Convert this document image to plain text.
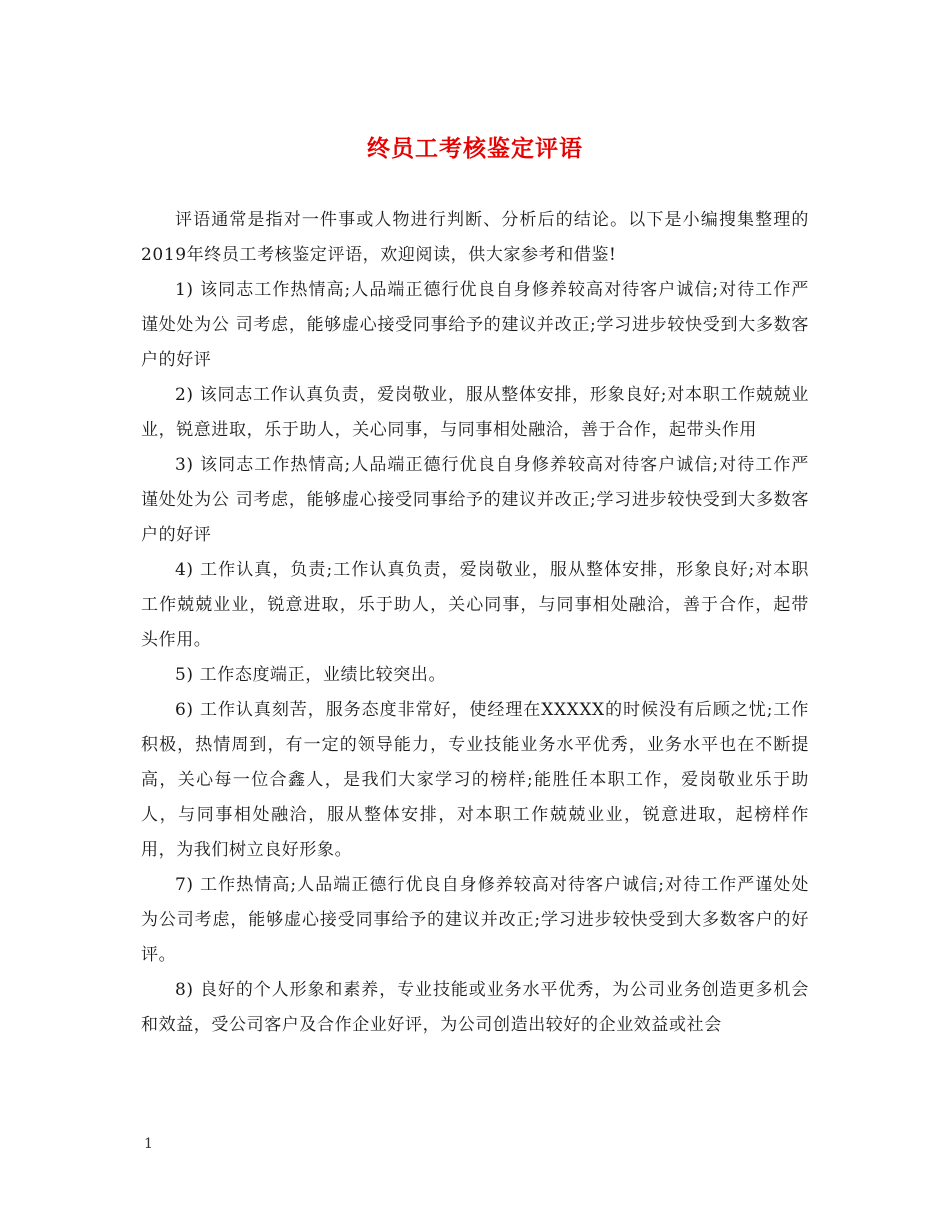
终员工考核鉴定评语

评语通常是指对一件事或人物进行判断、分析后的结论。以下是小编搜集整理的2019年终员工考核鉴定评语，欢迎阅读，供大家参考和借鉴!

1) 该同志工作热情高;人品端正德行优良自身修养较高对待客户诚信;对待工作严谨处处为公 司考虑，能够虚心接受同事给予的建议并改正;学习进步较快受到大多数客户的好评

2) 该同志工作认真负责，爱岗敬业，服从整体安排，形象良好;对本职工作兢兢业业，锐意进取，乐于助人，关心同事，与同事相处融洽，善于合作，起带头作用

3) 该同志工作热情高;人品端正德行优良自身修养较高对待客户诚信;对待工作严谨处处为公 司考虑，能够虚心接受同事给予的建议并改正;学习进步较快受到大多数客户的好评

4) 工作认真，负责;工作认真负责，爱岗敬业，服从整体安排，形象良好;对本职工作兢兢业业，锐意进取，乐于助人，关心同事，与同事相处融洽，善于合作，起带头作用。

5) 工作态度端正，业绩比较突出。

6) 工作认真刻苦，服务态度非常好，使经理在XXXXX的时候没有后顾之忧;工作积极，热情周到，有一定的领导能力，专业技能业务水平优秀，业务水平也在不断提高，关心每一位合鑫人，是我们大家学习的榜样;能胜任本职工作，爱岗敬业乐于助人，与同事相处融洽，服从整体安排，对本职工作兢兢业业，锐意进取，起榜样作用，为我们树立良好形象。

7) 工作热情高;人品端正德行优良自身修养较高对待客户诚信;对待工作严谨处处为公司考虑，能够虚心接受同事给予的建议并改正;学习进步较快受到大多数客户的好评。

8) 良好的个人形象和素养，专业技能或业务水平优秀，为公司业务创造更多机会和效益，受公司客户及合作企业好评，为公司创造出较好的企业效益或社会

1
